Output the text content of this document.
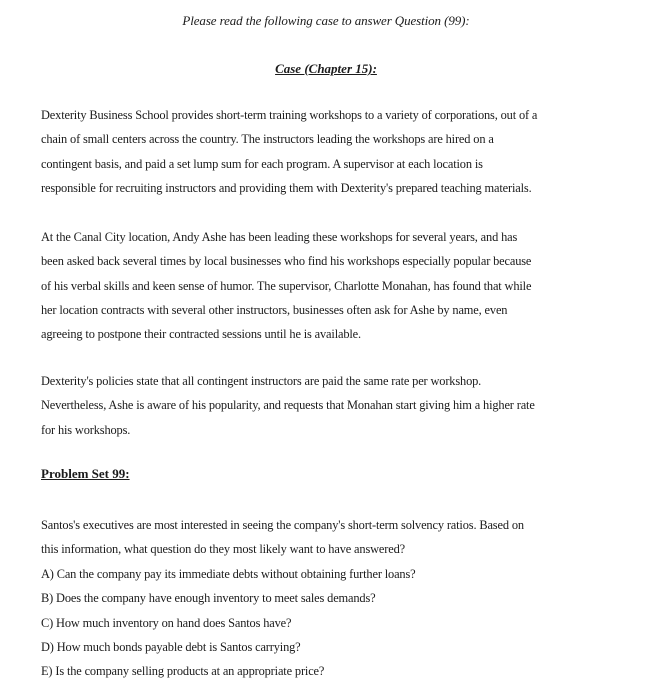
Please read the following case to answer Question (99):
Case (Chapter 15):

Dexterity Business School provides short-term training workshops to a variety of corporations, out of a
chain of small centers across the country. The instructors leading the workshops are hired on a
contingent basis, and paid a set lump sum for each program. A supervisor at each location is
responsible for recruiting instructors and providing them with Dexterity's prepared teaching materials.

At the Canal City location, Andy Ashe has been leading these workshops for several years, and has
been asked back several times by local businesses who find his workshops especially popular because
of his verbal skills and keen sense of humor. The supervisor, Charlotte Monahan, has found that while
her location contracts with several other instructors, businesses often ask for Ashe by name, even
agreeing to postpone their contracted sessions until he is available.

Dexterity's policies state that all contingent instructors are paid the same rate per workshop.
Nevertheless, Ashe is aware of his popularity, and requests that Monahan start giving him a higher rate
for his workshops.

Problem Set 99:
Santos's executives are most interested in seeing the company's short-term solvency ratios. Based on
this information, what question do they most likely want to have answered?
A) Can the company pay its immediate debts without obtaining further loans?
B) Does the company have enough inventory to meet sales demands?
C) How much inventory on hand does Santos have?
D) How much bonds payable debt is Santos carrying?
E) Is the company selling products at an appropriate price?
